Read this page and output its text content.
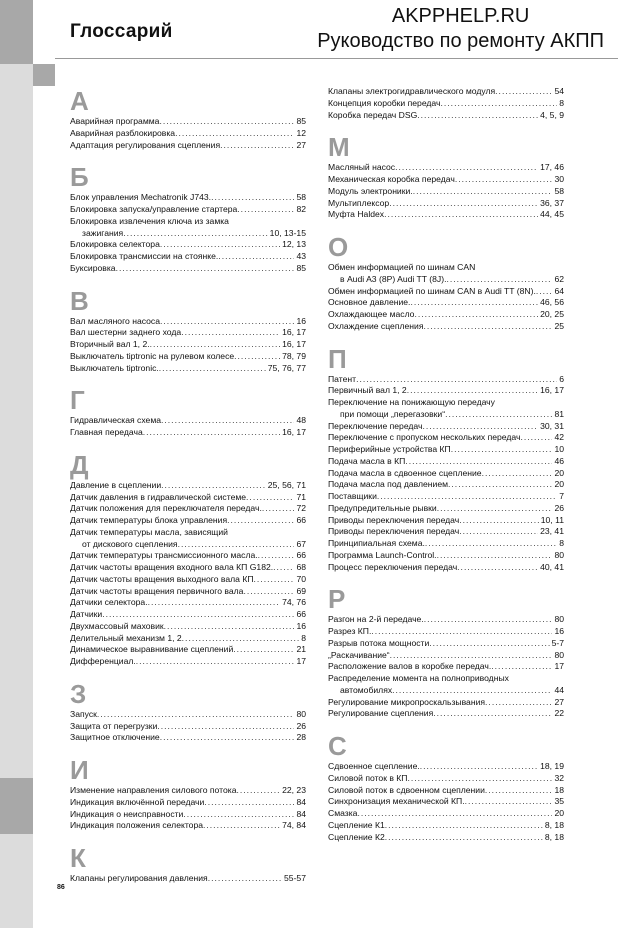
Глоссарий
AKPPHELP.RU
Руководство по ремонту АКПП
А
Аварийная программа .....	85
Аварийная разблокировка .....	12
Адаптация регулирования сцепления .....	27
Б
Блок управления Mechatronik J743. .....	58
Блокировка запуска/управление стартера .....	82
Блокировка извлечения ключа из замка
зажигания .....	10, 13-15
Блокировка селектора .....	12, 13
Блокировка трансмиссии на стоянке. .....	43
Буксировка .....	85
В
Вал масляного насоса .....	16
Вал шестерни заднего хода .....	16, 17
Вторичный вал 1, 2. .....	16, 17
Выключатель tiptronic на рулевом колесе .....	78, 79
Выключатель tiptronic. .....	75, 76, 77
Г
Гидравлическая схема .....	48
Главная передача .....	16, 17
Д
Давление в сцеплении .....	25, 56, 71
Датчик давления в гидравлической системе .....	71
Датчик положения для переключателя передач. .....	72
Датчик температуры блока управления .....	66
Датчик температуры масла, зависящий
от дискового сцепления .....	67
Датчик температуры трансмиссионного масла. .....	66
Датчик частоты вращения входного вала КП G182. .....	68
Датчик частоты вращения выходного вала КП .....	70
Датчик частоты вращения первичного вала .....	69
Датчики селектора. .....	74, 76
Датчики .....	66
Двухмассовый маховик .....	16
Делительный механизм 1, 2 .....	8
Динамическое выравнивание сцеплений .....	21
Дифференциал. .....	17
З
Запуск .....	80
Защита от перегрузки .....	26
Защитное отключение .....	28
И
Изменение направления силового потока .....	22, 23
Индикация включённой передачи .....	84
Индикация о неисправности .....	84
Индикация положения селектора .....	74, 84
К
Клапаны регулирования давления .....	55-57
Клапаны электрогидравлического модуля .....	54
Концепция коробки передач .....	8
Коробка передач DSG .....	4, 5, 9
М
Масляный насос .....	17, 46
Механическая коробка передач .....	30
Модуль электроники. .....	58
Мультиплексор .....	36, 37
Муфта Haldex .....	44, 45
О
Обмен информацией по шинам CAN
в Audi A3 (8P) Audi TT (8J). .....	62
Обмен информацией по шинам CAN в Audi TT (8N). ..... 64
Основное давление. .....	46, 56
Охлаждающее масло .....	20, 25
Охлаждение сцепления .....	25
П
Патент .....	6
Первичный вал 1, 2 .....	16, 17
Переключение на понижающую передачу
при помощи „перегазовки“ .....	81
Переключение передач .....	30, 31
Переключение с пропуском нескольких передач .....	42
Периферийные устройства КП .....	10
Подача масла в КП .....	46
Подача масла в сдвоенное сцепление .....	20
Подача масла под давлением .....	20
Поставщики .....	7
Предупредительные рывки .....	26
Приводы переключения передач .....	10, 11
Приводы переключения передач .....	23, 41
Принципиальная схема. .....	8
Программа Launch-Control. .....	80
Процесс переключения передач .....	40, 41
Р
Разгон на 2-й передаче. .....	80
Разрез КП. .....	16
Разрыв потока мощности .....	5-7
„Раскачивание“ .....	80
Расположение валов в коробке передач. .....	17
Распределение момента на полноприводных
автомобилях .....	44
Регулирование микропроскальзывания .....	27
Регулирование сцепления .....	22
С
Сдвоенное сцепление. .....	18, 19
Силовой поток в КП .....	32
Силовой поток в сдвоенном сцеплении .....	18
Синхронизация механической КП. .....	35
Смазка .....	20
Сцепление К1 .....	8, 18
Сцепление К2 .....	8, 18
86
